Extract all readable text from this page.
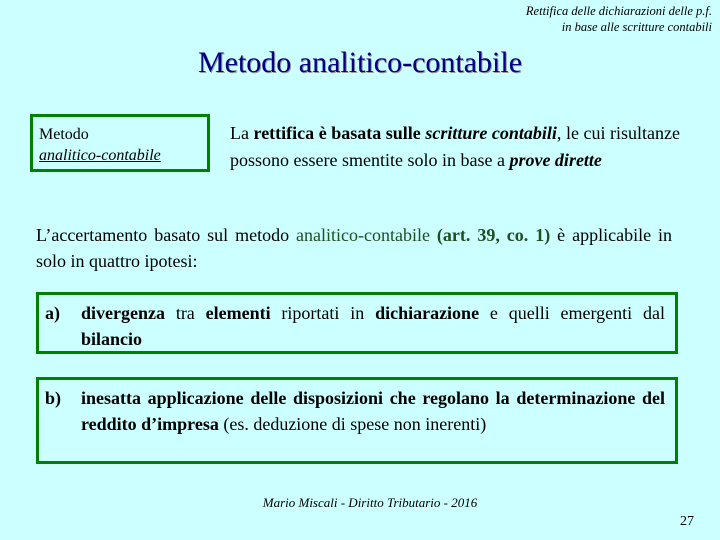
Rettifica delle dichiarazioni delle p.f.
in base alle scritture contabili
Metodo analitico-contabile
Metodo
analitico-contabile
La rettifica è basata sulle scritture contabili, le cui risultanze possono essere smentite solo in base a prove dirette
L’accertamento basato sul metodo analitico-contabile (art. 39, co. 1) è applicabile in solo in quattro ipotesi:
a) divergenza tra elementi riportati in dichiarazione e quelli emergenti dal bilancio
b) inesatta applicazione delle disposizioni che regolano la determinazione del reddito d’impresa (es. deduzione di spese non inerenti)
Mario Miscali - Diritto Tributario - 2016
27
